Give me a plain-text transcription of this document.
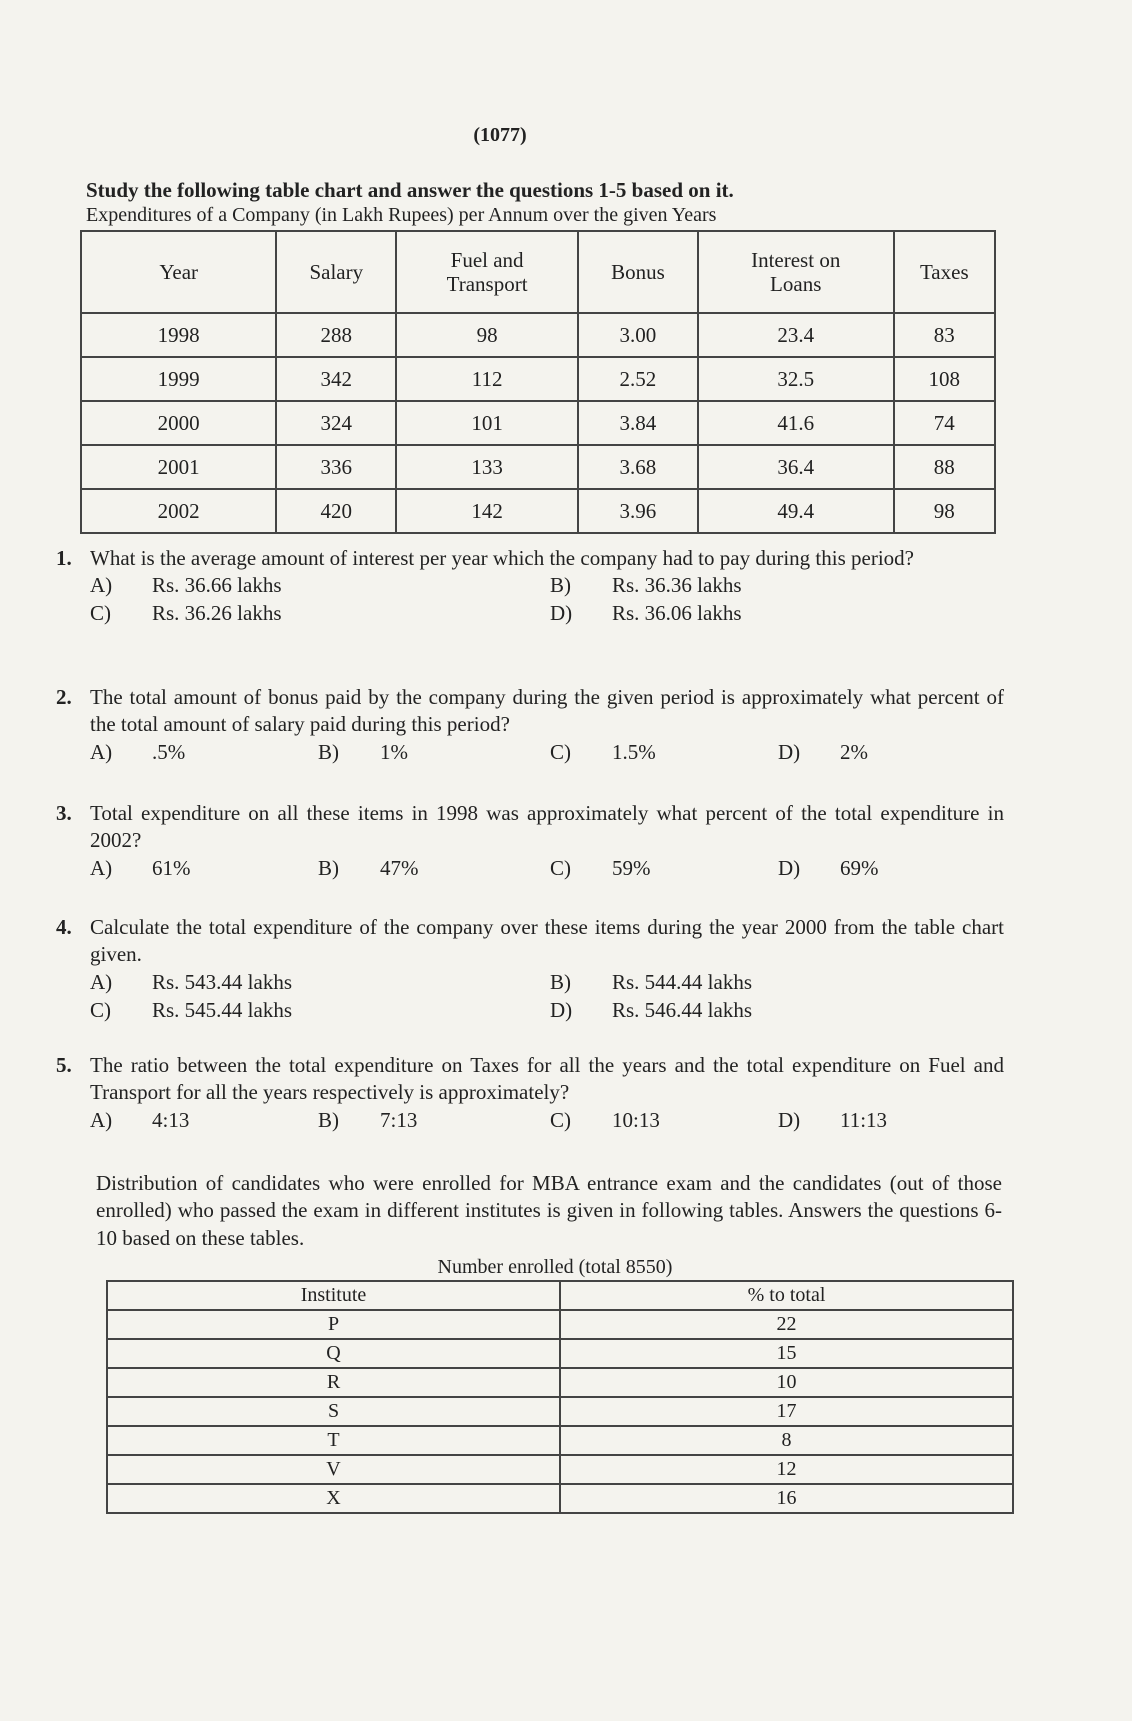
(1077)
Study the following table chart and answer the questions 1-5 based on it.
Expenditures of a Company (in Lakh Rupees) per Annum over the given Years
Year	Salary	Fuel and Transport	Bonus	Interest on Loans	Taxes
1998	288	98	3.00	23.4	83
1999	342	112	2.52	32.5	108
2000	324	101	3.84	41.6	74
2001	336	133	3.68	36.4	88
2002	420	142	3.96	49.4	98
1. What is the average amount of interest per year which the company had to pay during this period?
A) Rs. 36.66 lakhs	B) Rs. 36.36 lakhs
C) Rs. 36.26 lakhs	D) Rs. 36.06 lakhs
2. The total amount of bonus paid by the company during the given period is approximately what percent of the total amount of salary paid during this period?
A) .5%	B) 1%	C) 1.5%	D) 2%
3. Total expenditure on all these items in 1998 was approximately what percent of the total expenditure in 2002?
A) 61%	B) 47%	C) 59%	D) 69%
4. Calculate the total expenditure of the company over these items during the year 2000 from the table chart given.
A) Rs. 543.44 lakhs	B) Rs. 544.44 lakhs
C) Rs. 545.44 lakhs	D) Rs. 546.44 lakhs
5. The ratio between the total expenditure on Taxes for all the years and the total expenditure on Fuel and Transport for all the years respectively is approximately?
A) 4:13	B) 7:13	C) 10:13	D) 11:13
Distribution of candidates who were enrolled for MBA entrance exam and the candidates (out of those enrolled) who passed the exam in different institutes is given in following tables. Answers the questions 6-10 based on these tables.
Number enrolled (total 8550)
Institute	% to total
P	22
Q	15
R	10
S	17
T	8
V	12
X	16
